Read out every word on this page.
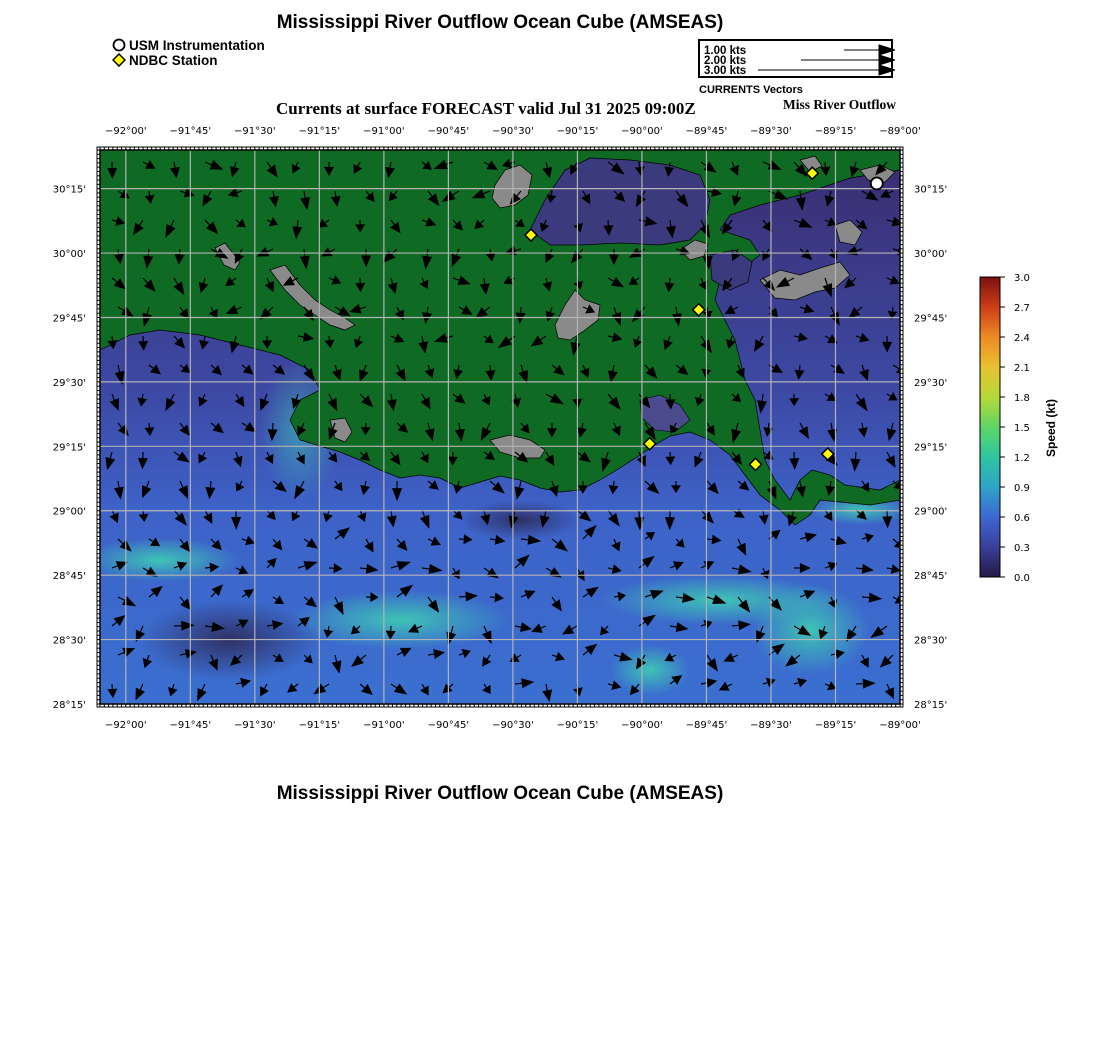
Mississippi River Outflow Ocean Cube (AMSEAS)
USM Instrumentation
NDBC Station
1.00 kts
2.00 kts
3.00 kts
CURRENTS Vectors
Currents at surface FORECAST valid Jul 31 2025 09:00Z	Miss River Outflow
−92°00' −91°45' −91°30' −91°15' −91°00' −90°45' −90°30' −90°15' −90°00' −89°45' −89°30' −89°15' −89°00'
−92°00' −91°45' −91°30' −91°15' −91°00' −90°45' −90°30' −90°15' −90°00' −89°45' −89°30' −89°15' −89°00'
30°15'
30°00'
29°45'
29°30'
29°15'
29°00'
28°45'
28°30'
28°15'
30°15'
30°00'
29°45'
29°30'
29°15'
29°00'
28°45'
28°30'
28°15'
3.0
2.7
2.4
2.1
1.8
1.5
1.2
0.9
0.6
0.3
0.0
Speed (kt)
Mississippi River Outflow Ocean Cube (AMSEAS)
